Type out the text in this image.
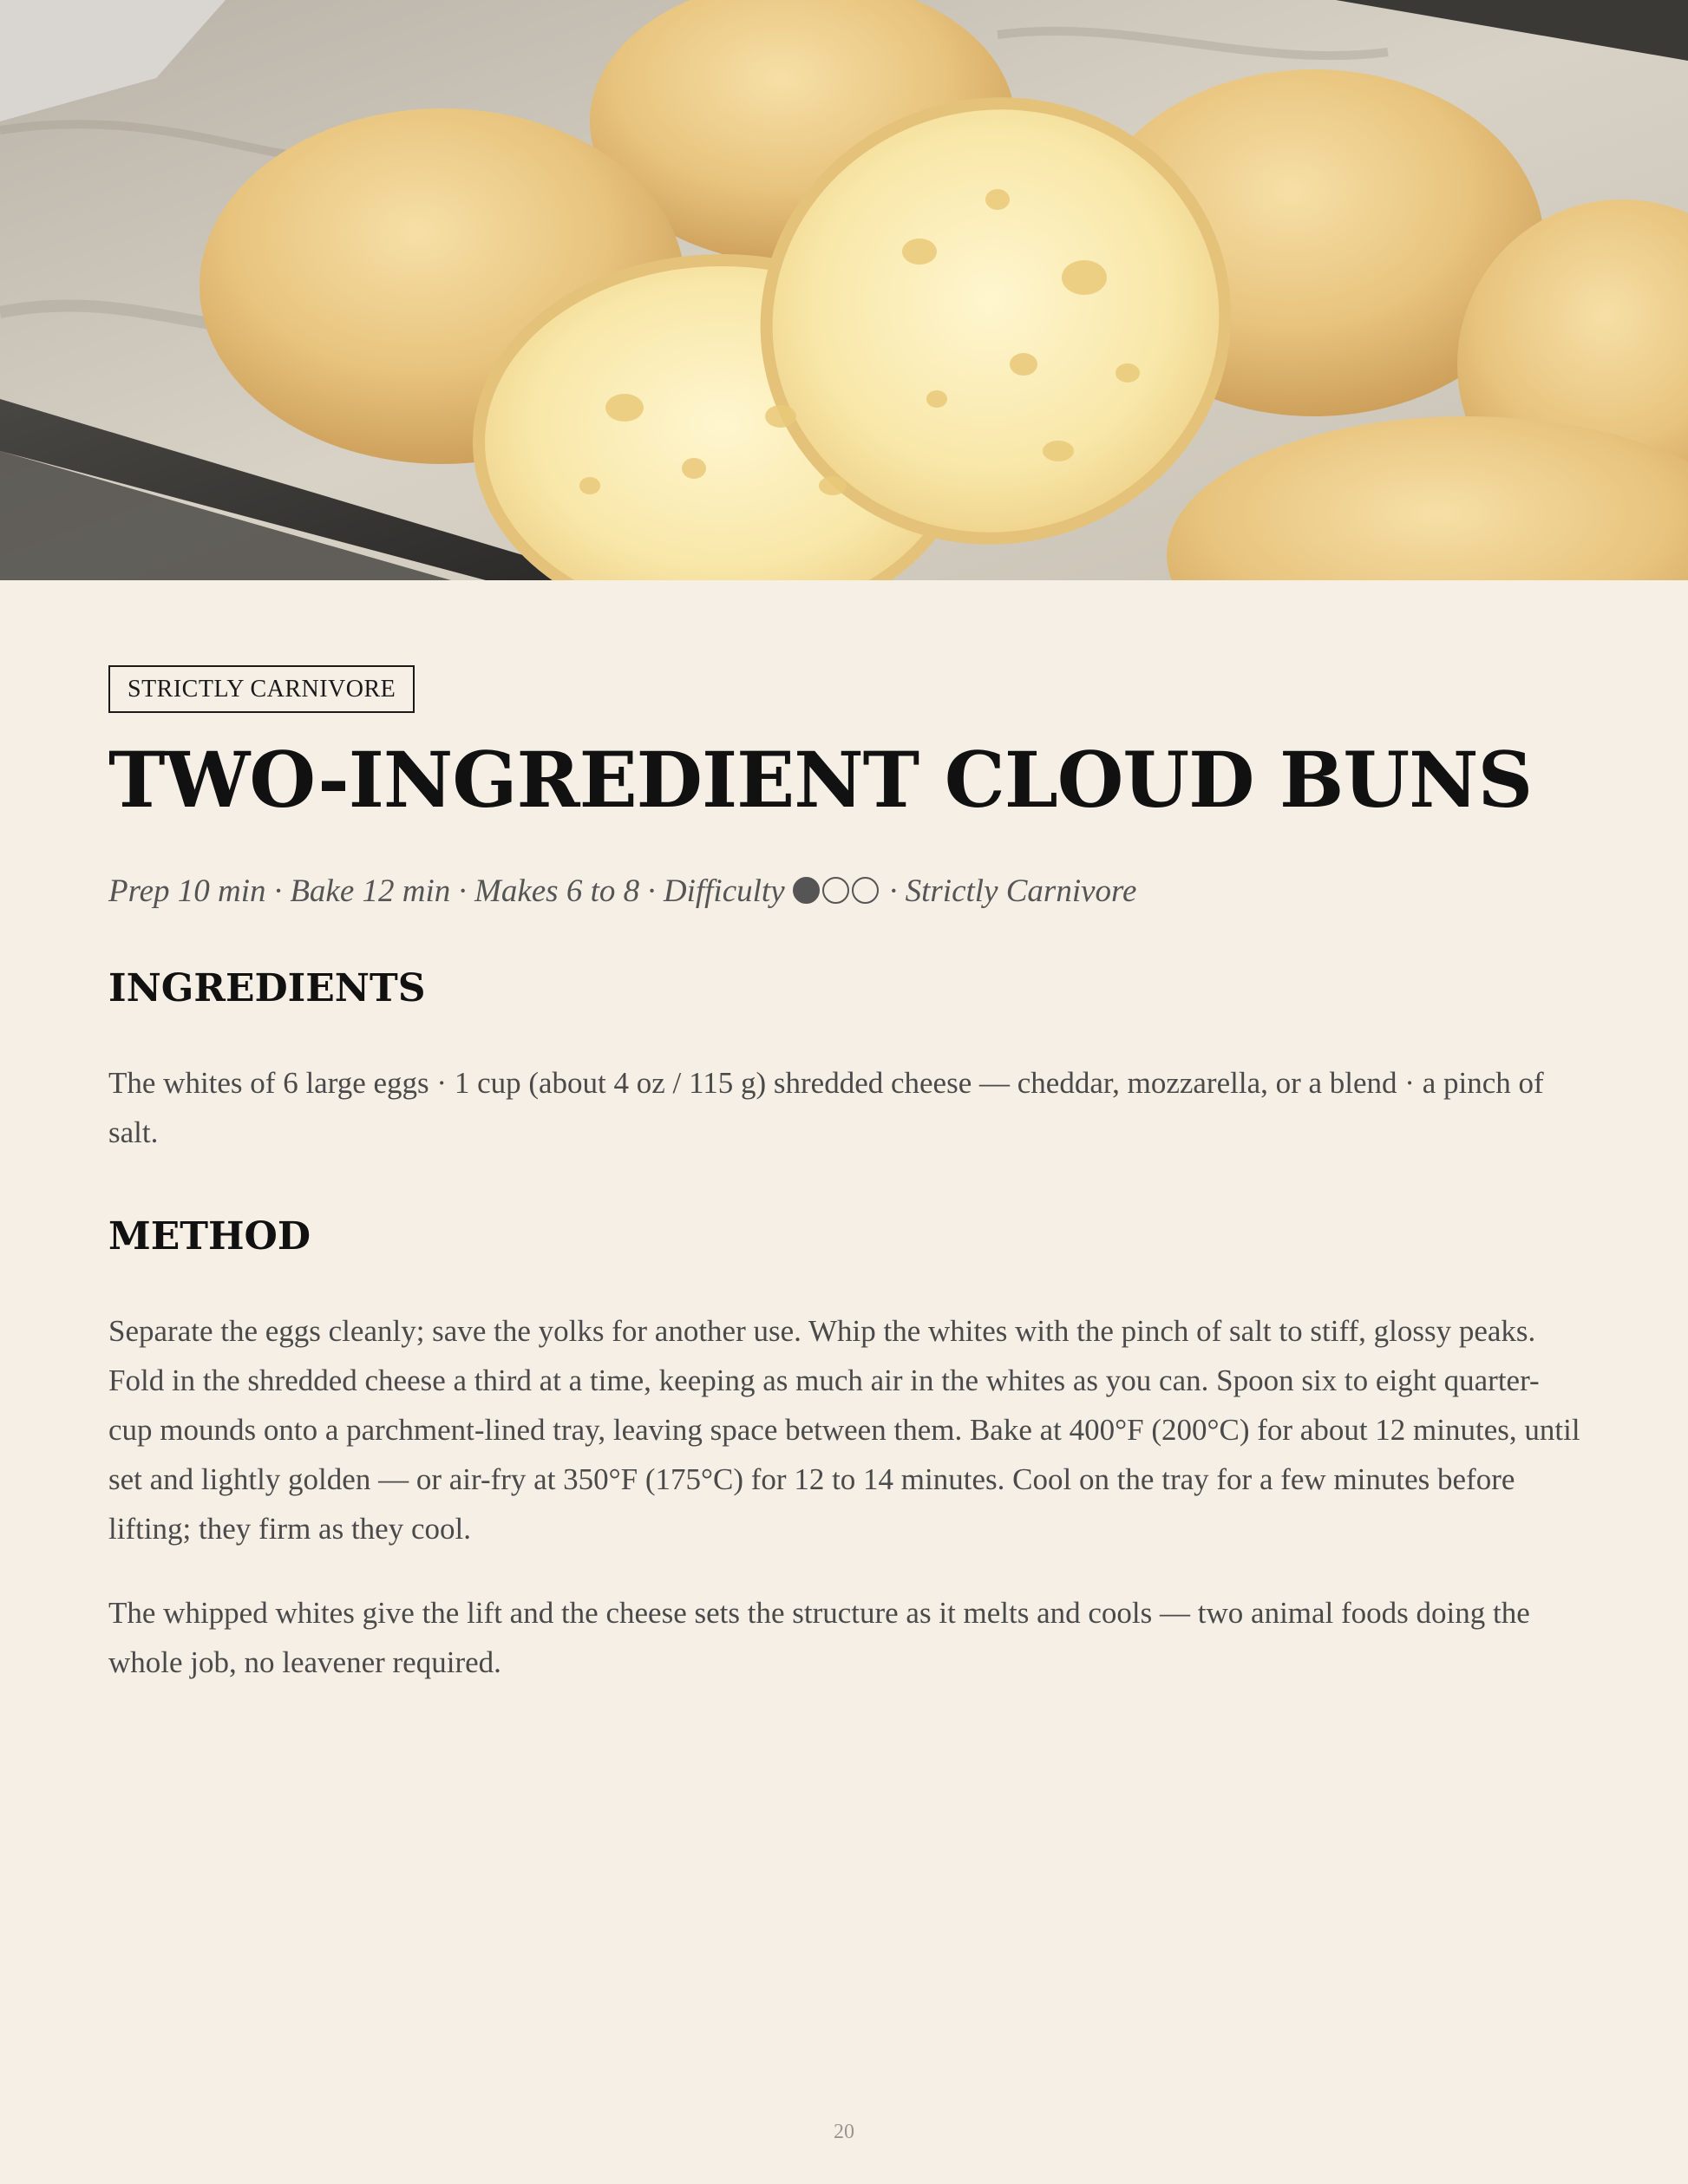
STRICTLY CARNIVORE
TWO-INGREDIENT CLOUD BUNS
Prep 10 min · Bake 12 min · Makes 6 to 8 · Difficulty	· Strictly Carnivore
INGREDIENTS

The whites of 6 large eggs · 1 cup (about 4 oz / 115 g) shredded cheese — cheddar, mozzarella, or a blend · a pinch of salt.

METHOD

Separate the eggs cleanly; save the yolks for another use. Whip the whites with the pinch of salt to stiff, glossy peaks. Fold in the shredded cheese a third at a time, keeping as much air in the whites as you can. Spoon six to eight quarter-cup mounds onto a parchment-lined tray, leaving space between them. Bake at 400°F (200°C) for about 12 minutes, until set and lightly golden — or air-fry at 350°F (175°C) for 12 to 14 minutes. Cool on the tray for a few minutes before lifting; they firm as they cool.

The whipped whites give the lift and the cheese sets the structure as it melts and cools — two animal foods doing the whole job, no leavener required.

20
